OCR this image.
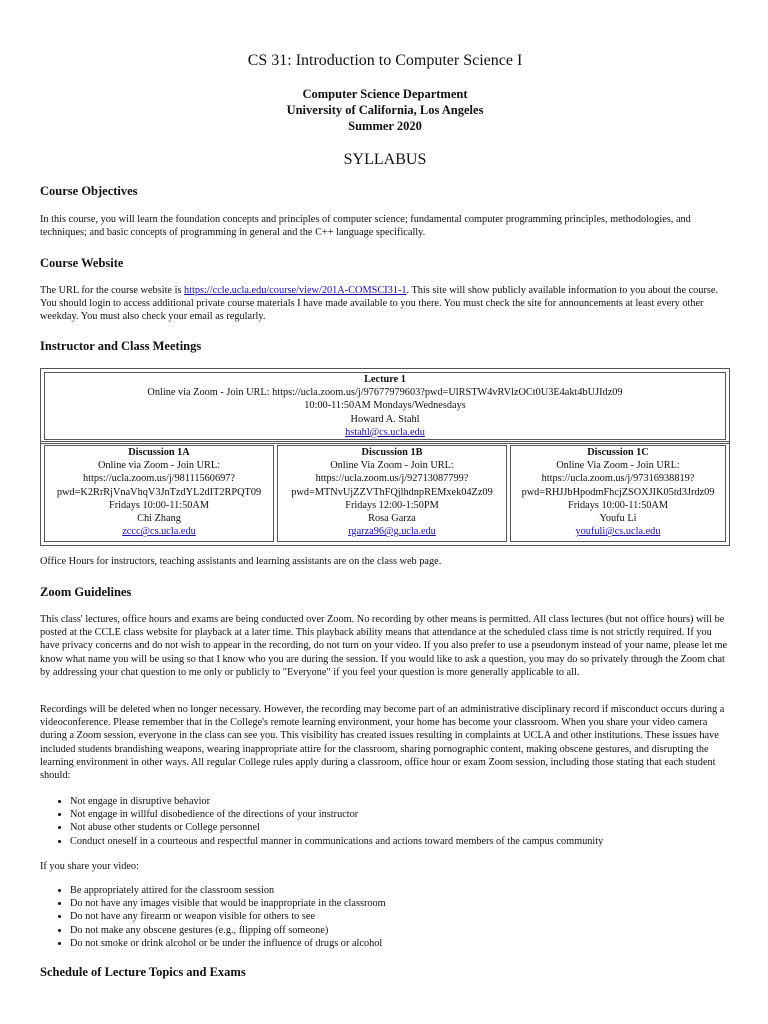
CS 31: Introduction to Computer Science I
Computer Science Department
University of California, Los Angeles
Summer 2020
SYLLABUS
Course Objectives

In this course, you will learn the foundation concepts and principles of computer science; fundamental computer programming principles, methodologies, and techniques; and basic concepts of programming in general and the C++ language specifically.

Course Website

The URL for the course website is https://ccle.ucla.edu/course/view/201A-COMSCI31-1. This site will show publicly available information to you about the course. You should login to access additional private course materials I have made available to you there. You must check the site for announcements at least every other weekday. You must also check your email as regularly.

Instructor and Class Meetings
Lecture 1
Online via Zoom - Join URL: https://ucla.zoom.us/j/97677979603?pwd=UlRSTW4vRVlzOCt0U3E4akt4bUJIdz09
10:00-11:50AM Mondays/Wednesdays
Howard A. Stahl
hstahl@cs.ucla.edu
Discussion 1A
Online via Zoom - Join URL:
https://ucla.zoom.us/j/98111560697?
pwd=K2RrRjVnaVhqV3JnTzdYL2dIT2RPQT09
Fridays 10:00-11:50AM
Chi Zhang
zccc@cs.ucla.edu
Discussion 1B
Online Via Zoom - Join URL:
https://ucla.zoom.us/j/92713087799?
pwd=MTNvUjZZVThFQjlhdnpREMxek04Zz09
Fridays 12:00-1:50PM
Rosa Garza
rgarza96@g.ucla.edu
Discussion 1C
Online Via Zoom - Join URL:
https://ucla.zoom.us/j/97316938819?
pwd=RHJJbHpodmFhcjZSOXJIK05td3Jrdz09
Fridays 10:00-11:50AM
Youfu Li
youfuli@cs.ucla.edu

Office Hours for instructors, teaching assistants and learning assistants are on the class web page.

Zoom Guidelines

This class' lectures, office hours and exams are being conducted over Zoom. No recording by other means is permitted. All class lectures (but not office hours) will be posted at the CCLE class website for playback at a later time. This playback ability means that attendance at the scheduled class time is not strictly required. If you have privacy concerns and do not wish to appear in the recording, do not turn on your video. If you also prefer to use a pseudonym instead of your name, please let me know what name you will be using so that I know who you are during the session. If you would like to ask a question, you may do so privately through the Zoom chat by addressing your chat question to me only or publicly to "Everyone" if you feel your question is more generally applicable to all.

Recordings will be deleted when no longer necessary. However, the recording may become part of an administrative disciplinary record if misconduct occurs during a videoconference. Please remember that in the College's remote learning environment, your home has become your classroom. When you share your video camera during a Zoom session, everyone in the class can see you. This visibility has created issues resulting in complaints at UCLA and other institutions. These issues have included students brandishing weapons, wearing inappropriate attire for the classroom, sharing pornographic content, making obscene gestures, and disrupting the learning environment in other ways. All regular College rules apply during a classroom, office hour or exam Zoom session, including those stating that each student should:

• Not engage in disruptive behavior
• Not engage in willful disobedience of the directions of your instructor
• Not abuse other students or College personnel
• Conduct oneself in a courteous and respectful manner in communications and actions toward members of the campus community

If you share your video:

• Be appropriately attired for the classroom session
• Do not have any images visible that would be inappropriate in the classroom
• Do not have any firearm or weapon visible for others to see
• Do not make any obscene gestures (e.g., flipping off someone)
• Do not smoke or drink alcohol or be under the influence of drugs or alcohol
Schedule of Lecture Topics and Exams
